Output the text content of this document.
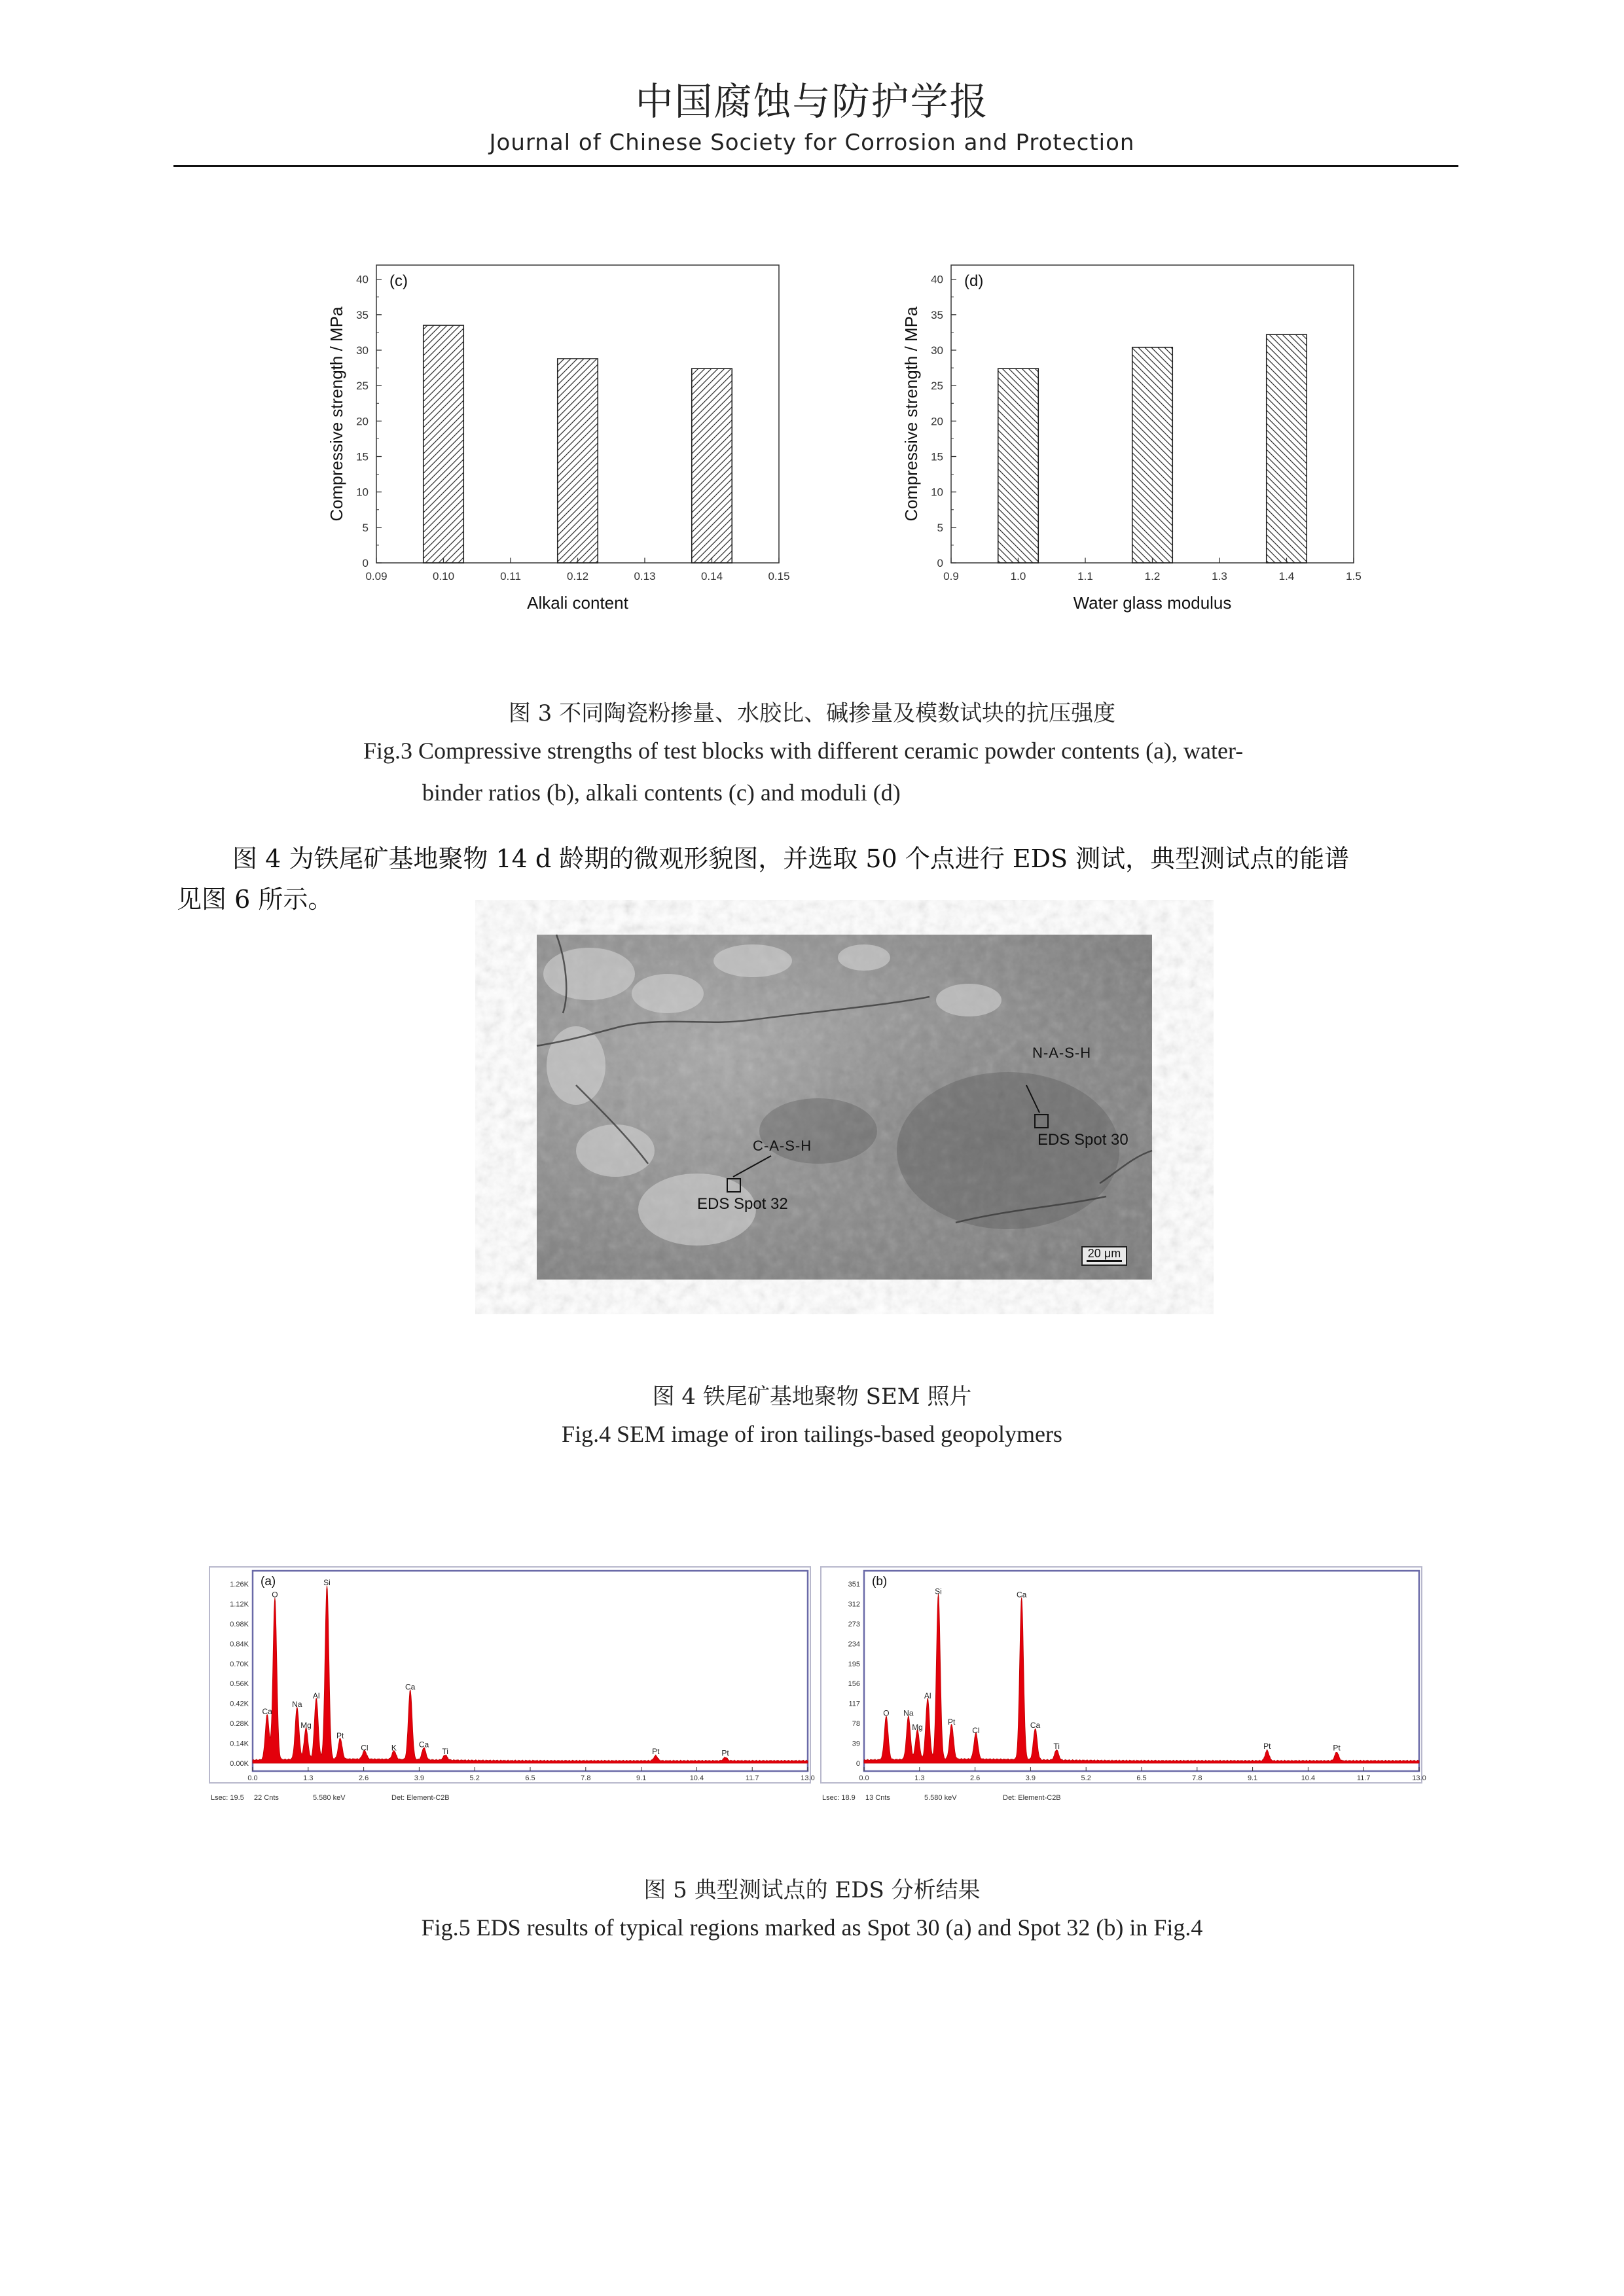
中国腐蚀与防护学报
Journal of Chinese Society for Corrosion and Protection
0
5
10
15
20
25
30
35
40
0.09	0.10	0.11	0.12	0.13	0.14	0.15
(c)
Alkali content
Compressive strength / MPa
0
5
10
15
20
25
30
35
40
0.9	1.0	1.1	1.2	1.3	1.4	1.5
(d)
Water glass modulus
Compressive strength / MPa
图 3 不同陶瓷粉掺量、水胶比、碱掺量及模数试块的抗压强度
Fig.3 Compressive strengths of test blocks with different ceramic powder contents (a), water-
binder ratios (b), alkali contents (c) and moduli (d)
图 4 为铁尾矿基地聚物 14 d 龄期的微观形貌图，并选取 50 个点进行 EDS 测试，典型测试点的能谱
见图 6 所示。
N-A-S-H
EDS Spot 30
C-A-S-H
EDS Spot 32
20 μm
图 4 铁尾矿基地聚物 SEM 照片
Fig.4 SEM image of iron tailings-based geopolymers
0.00K
0.14K
0.28K
0.42K
0.56K
0.70K
0.84K
0.98K
1.12K
1.26K
0.0	1.3	2.6	3.9	5.2	6.5	7.8	9.1	10.4	11.7	13.0
O
Ca
Na
Mg
Al
Si
Pt
Cl	K
Ca
Ca
Ti	Pt	Pt
(a)
Lsec: 19.5 22 Cnts	5.580 keV	Det: Element-C2B
0
39
78
117
156
195
234
273
312
351
0.0	1.3	2.6	3.9	5.2	6.5	7.8	9.1	10.4	11.7	13.0
O Na
Mg
Al
Si
Pt
Cl
Ca
Ca
Ti	Pt	Pt
(b)
Lsec: 18.9 13 Cnts	5.580 keV	Det: Element-C2B
图 5 典型测试点的 EDS 分析结果
Fig.5 EDS results of typical regions marked as Spot 30 (a) and Spot 32 (b) in Fig.4
